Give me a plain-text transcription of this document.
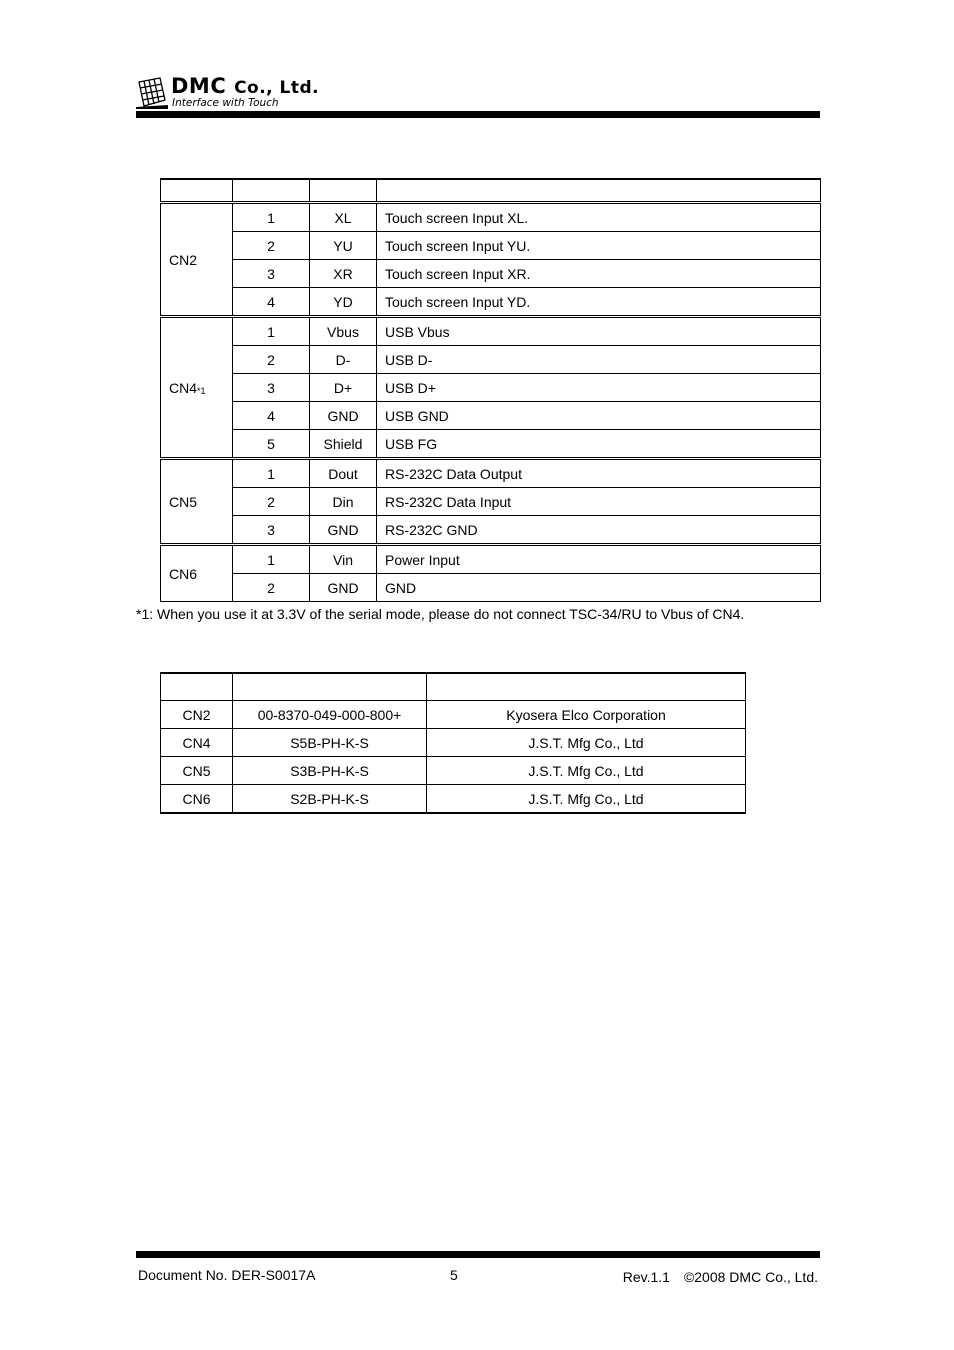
DMC Co., Ltd.
Interface with Touch

CN2	1	XL	Touch screen Input XL.
	2	YU	Touch screen Input YU.
	3	XR	Touch screen Input XR.
	4	YD	Touch screen Input YD.
CN4$^{*1}$	1	Vbus	USB Vbus
	2	D-	USB D-
	3	D+	USB D+
	4	GND	USB GND
	5	Shield	USB FG
CN5	1	Dout	RS-232C Data Output
	2	Din	RS-232C Data Input
	3	GND	RS-232C GND
CN6	1	Vin	Power Input
	2	GND	GND
*1: When you use it at 3.3V of the serial mode, please do not connect TSC-34/RU to Vbus of CN4.

CN2	00-8370-049-000-800+	Kyosera Elco Corporation
CN4	S5B-PH-K-S	J.S.T. Mfg Co., Ltd
CN5	S3B-PH-K-S	J.S.T. Mfg Co., Ltd
CN6	S2B-PH-K-S	J.S.T. Mfg Co., Ltd
Document No. DER-S0017A	5	Rev.1.1　©2008 DMC Co., Ltd.
